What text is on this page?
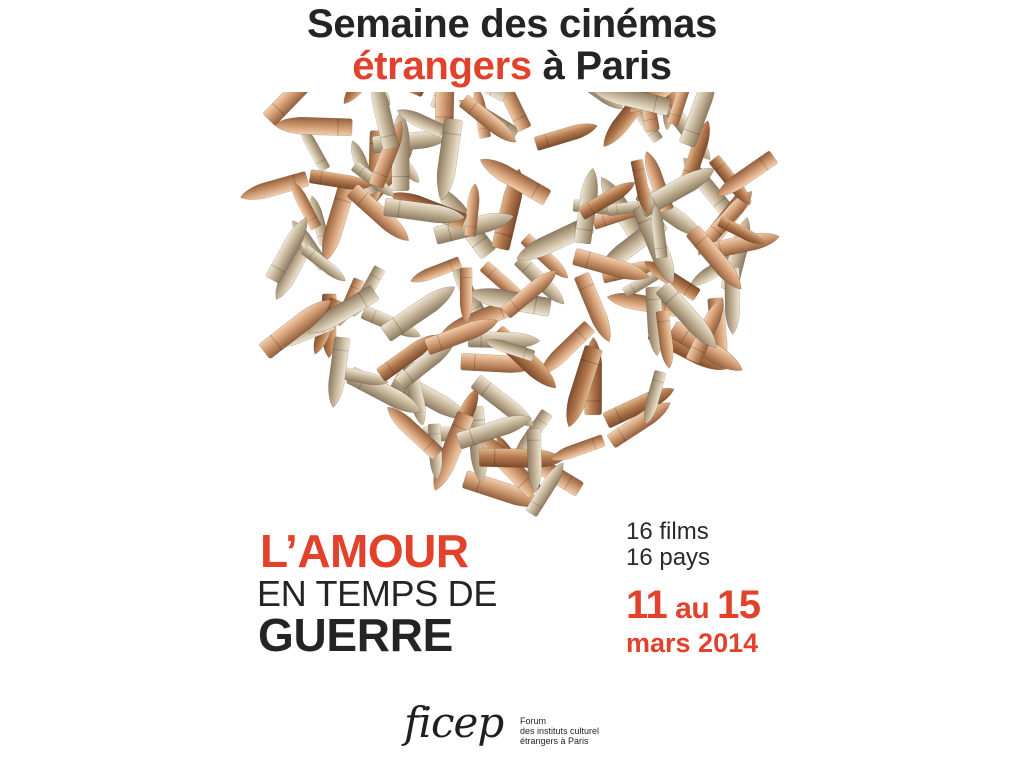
Semaine des cinémas
étrangers à Paris
L’AMOUR
EN TEMPS DE
GUERRE
16 films
16 pays
11 au 15
mars 2014
ficep Forum
des instituts culturel
étrangers à Paris
